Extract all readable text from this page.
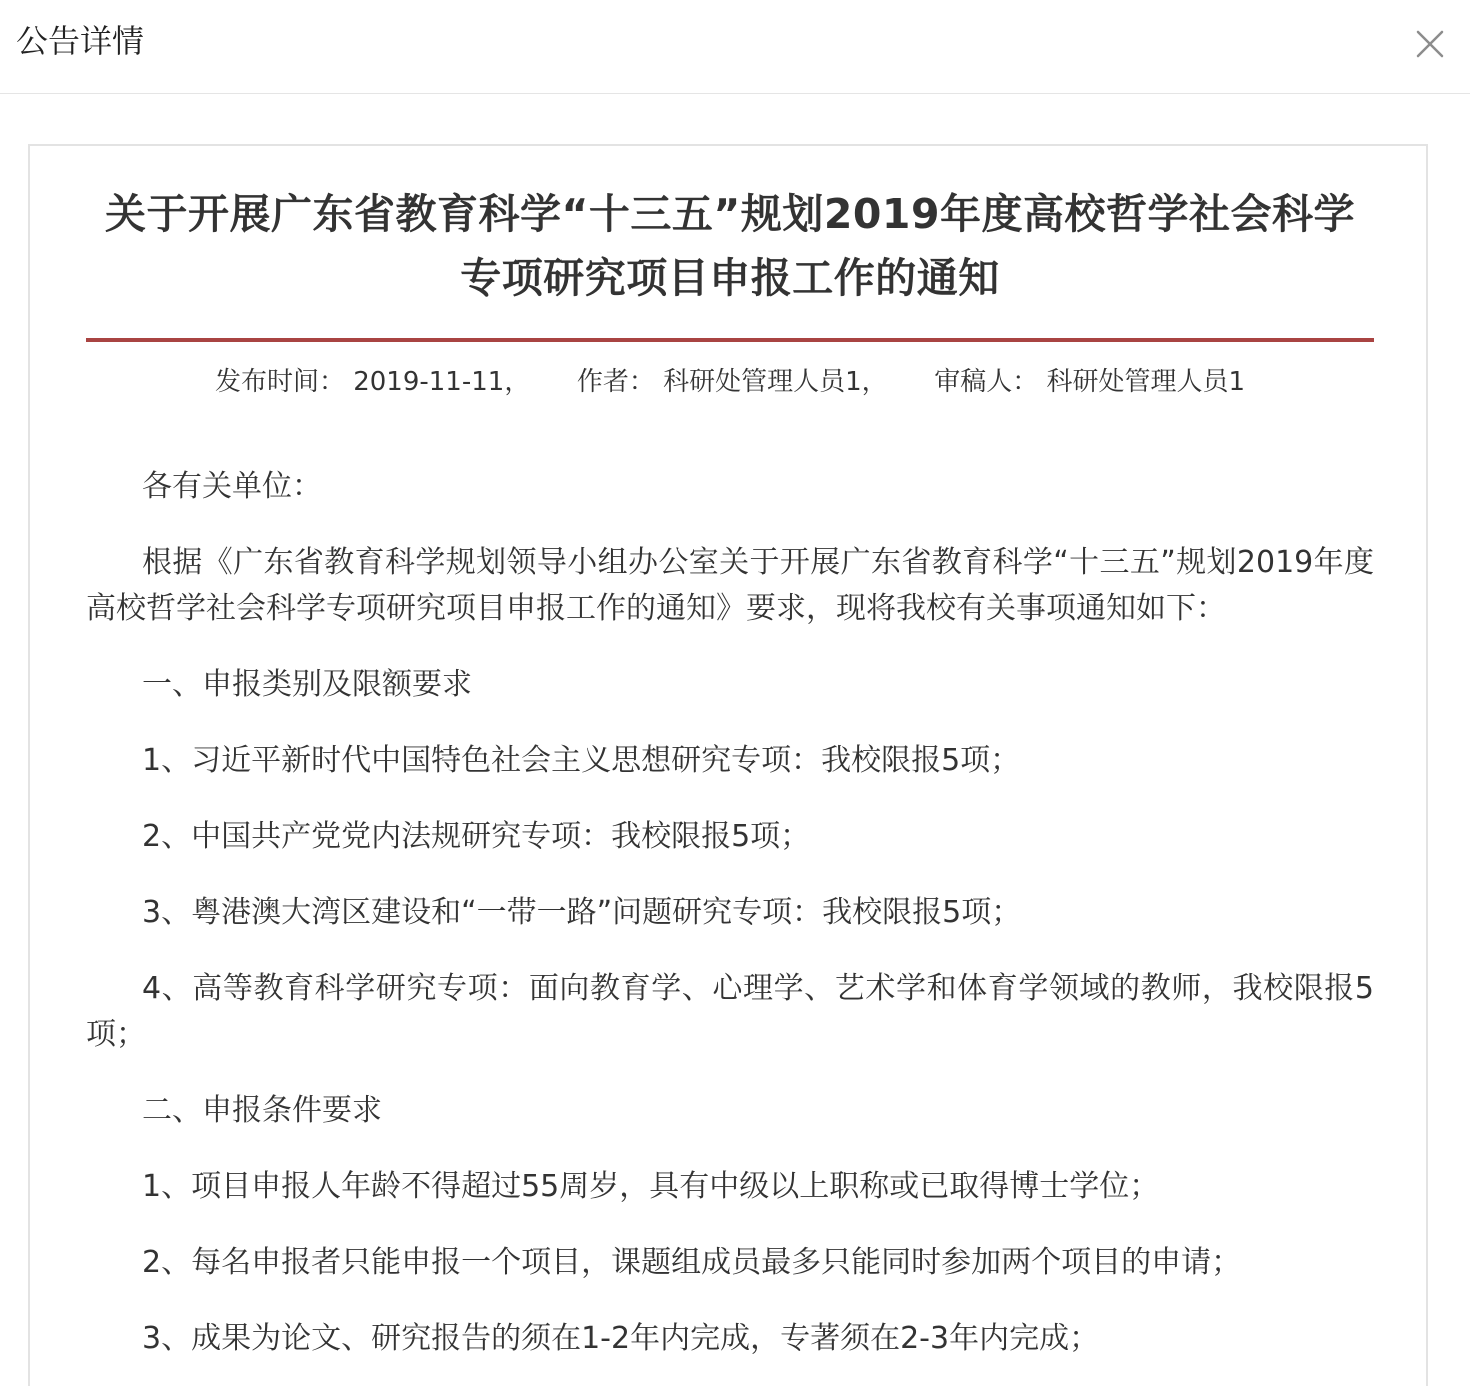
公告详情
关于开展广东省教育科学“十三五”规划2019年度高校哲学社会科学专项研究项目申报工作的通知
发布时间： 2019-11-11， 作者： 科研处管理人员1， 审稿人： 科研处管理人员1

各有关单位：

根据《广东省教育科学规划领导小组办公室关于开展广东省教育科学“十三五”规划2019年度高校哲学社会科学专项研究项目申报工作的通知》要求，现将我校有关事项通知如下：

一、申报类别及限额要求

1、习近平新时代中国特色社会主义思想研究专项：我校限报5项；

2、中国共产党党内法规研究专项：我校限报5项；

3、粤港澳大湾区建设和“一带一路”问题研究专项：我校限报5项；

4、高等教育科学研究专项：面向教育学、心理学、艺术学和体育学领域的教师，我校限报5项；

二、申报条件要求

1、项目申报人年龄不得超过55周岁，具有中级以上职称或已取得博士学位；

2、每名申报者只能申报一个项目，课题组成员最多只能同时参加两个项目的申请；

3、成果为论文、研究报告的须在1-2年内完成，专著须在2-3年内完成；
